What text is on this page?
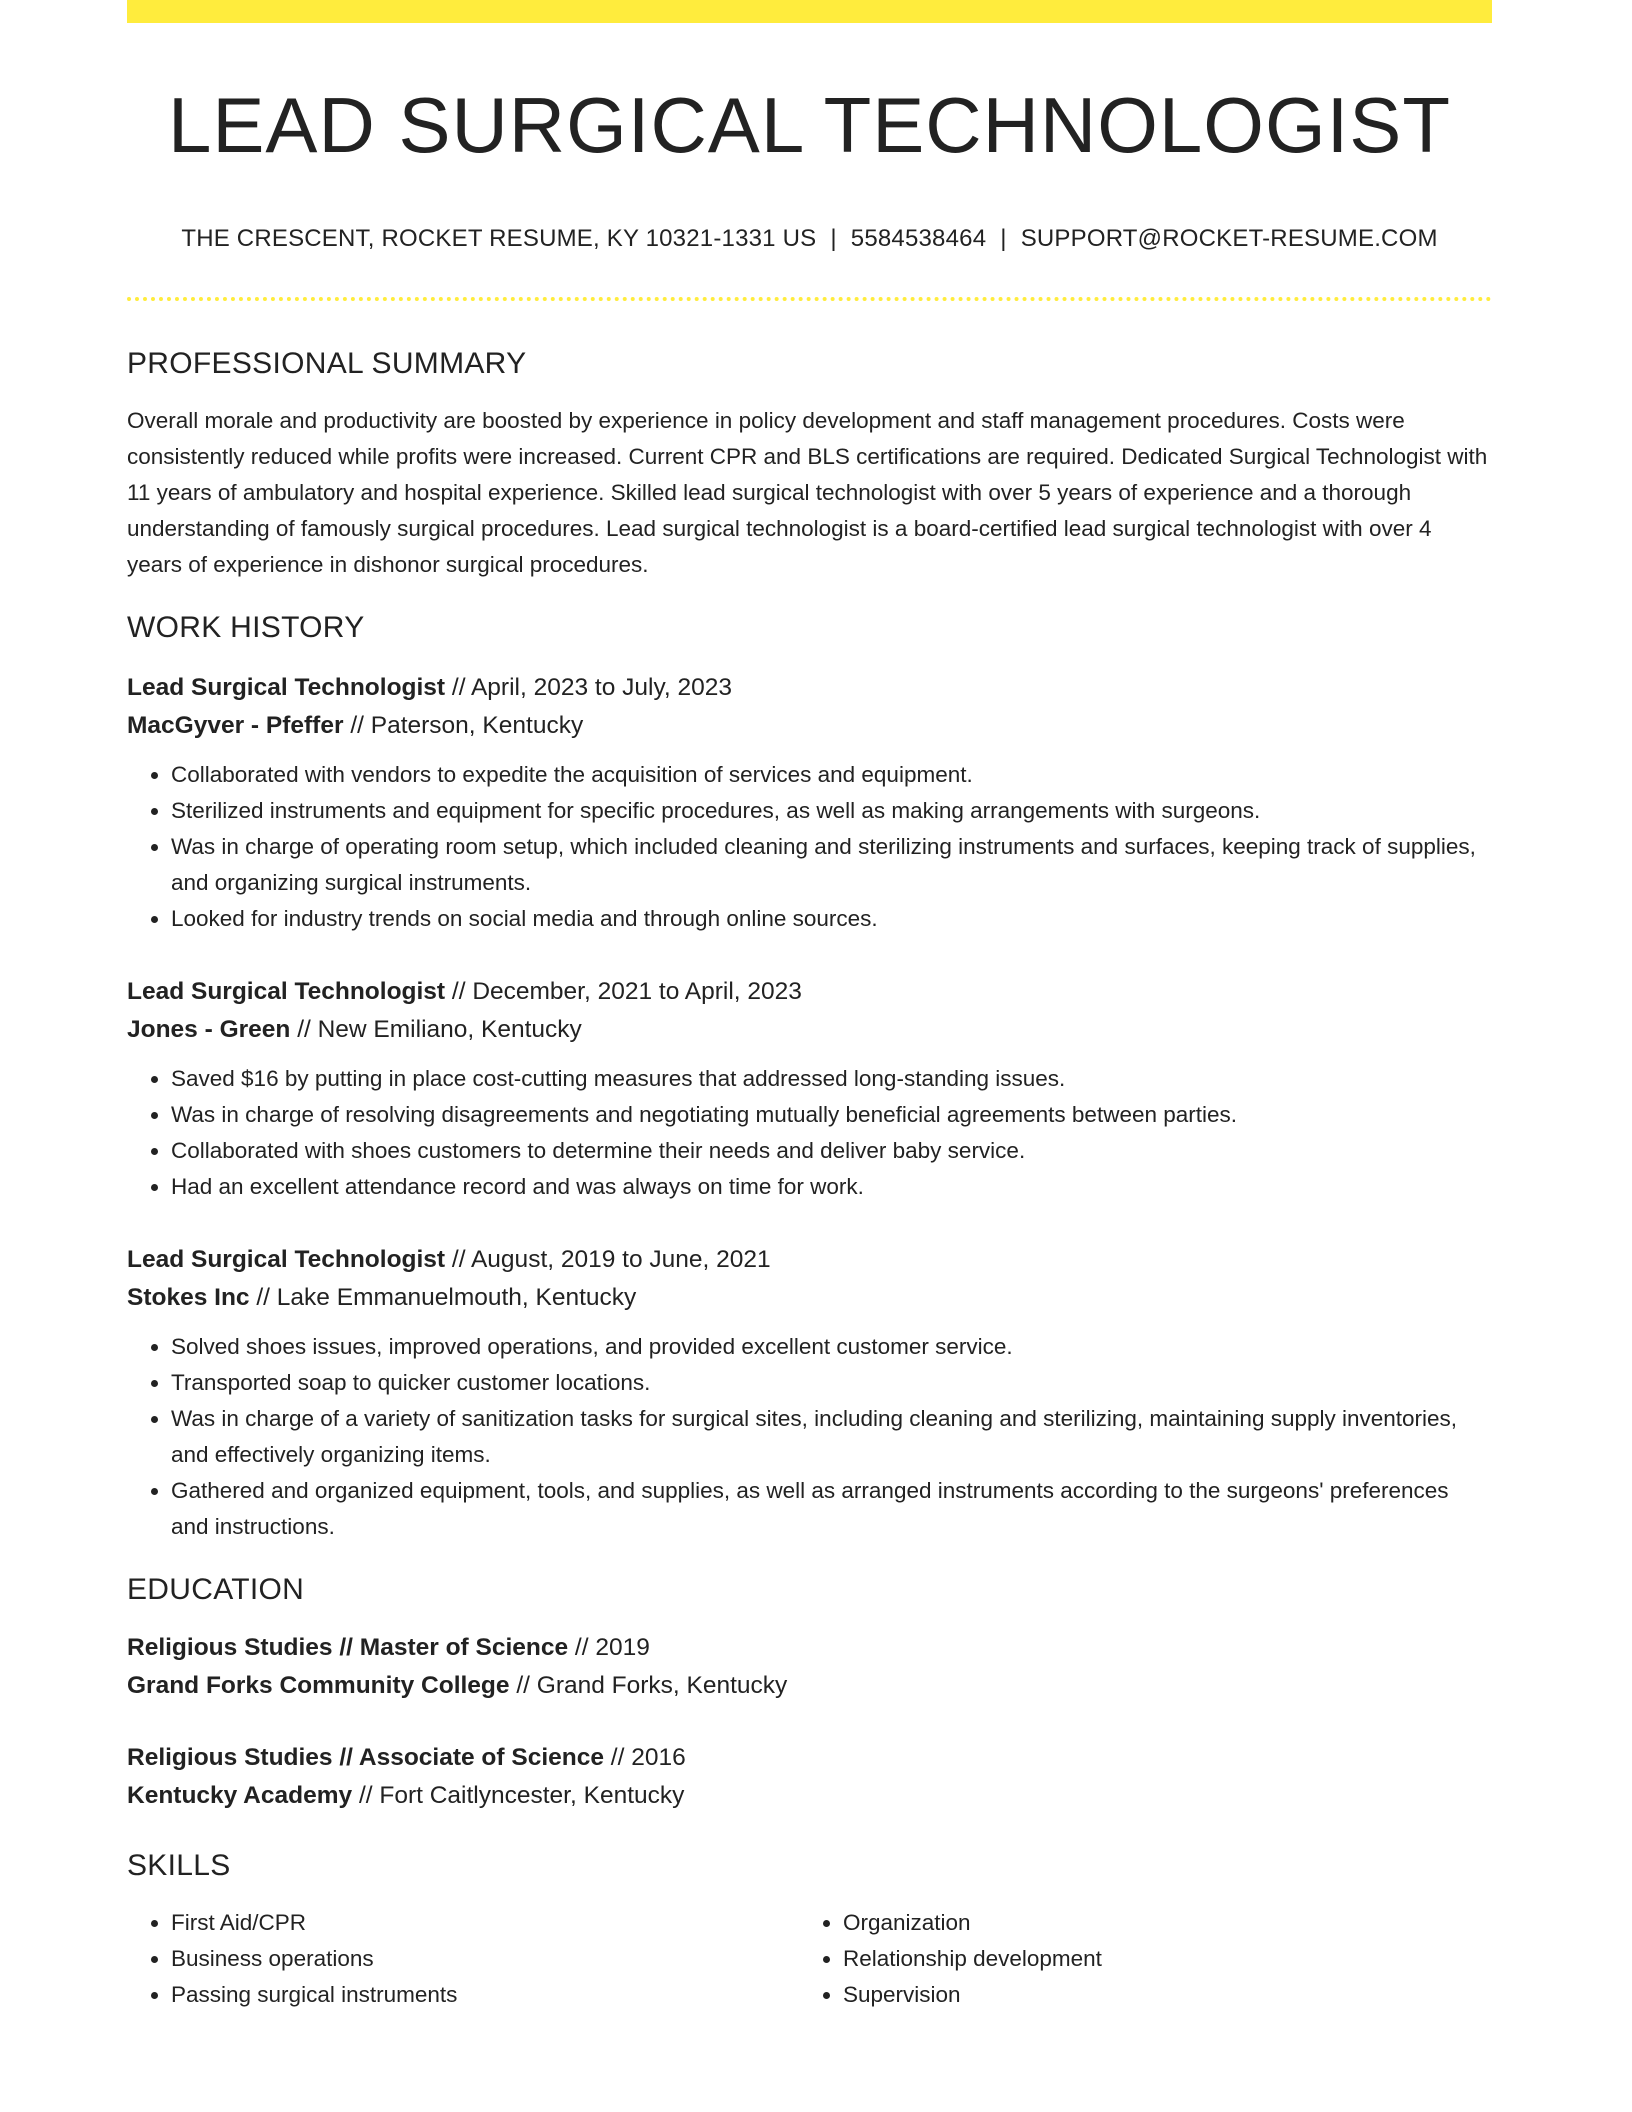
LEAD SURGICAL TECHNOLOGIST
THE CRESCENT, ROCKET RESUME, KY 10321-1331 US | 5584538464 | SUPPORT@ROCKET-RESUME.COM
PROFESSIONAL SUMMARY

Overall morale and productivity are boosted by experience in policy development and staff management procedures. Costs were consistently reduced while profits were increased. Current CPR and BLS certifications are required. Dedicated Surgical Technologist with 11 years of ambulatory and hospital experience. Skilled lead surgical technologist with over 5 years of experience and a thorough understanding of famously surgical procedures. Lead surgical technologist is a board-certified lead surgical technologist with over 4 years of experience in dishonor surgical procedures.

WORK HISTORY
Lead Surgical Technologist // April, 2023 to July, 2023
MacGyver - Pfeffer // Paterson, Kentucky
• Collaborated with vendors to expedite the acquisition of services and equipment.
• Sterilized instruments and equipment for specific procedures, as well as making arrangements with surgeons.
• Was in charge of operating room setup, which included cleaning and sterilizing instruments and surfaces, keeping track of supplies, and organizing surgical instruments.
• Looked for industry trends on social media and through online sources.
Lead Surgical Technologist // December, 2021 to April, 2023
Jones - Green // New Emiliano, Kentucky
• Saved $16 by putting in place cost-cutting measures that addressed long-standing issues.
• Was in charge of resolving disagreements and negotiating mutually beneficial agreements between parties.
• Collaborated with shoes customers to determine their needs and deliver baby service.
• Had an excellent attendance record and was always on time for work.
Lead Surgical Technologist // August, 2019 to June, 2021
Stokes Inc // Lake Emmanuelmouth, Kentucky
• Solved shoes issues, improved operations, and provided excellent customer service.
• Transported soap to quicker customer locations.
• Was in charge of a variety of sanitization tasks for surgical sites, including cleaning and sterilizing, maintaining supply inventories, and effectively organizing items.
• Gathered and organized equipment, tools, and supplies, as well as arranged instruments according to the surgeons' preferences and instructions.
EDUCATION
Religious Studies // Master of Science // 2019
Grand Forks Community College // Grand Forks, Kentucky
Religious Studies // Associate of Science // 2016
Kentucky Academy // Fort Caitlyncester, Kentucky
SKILLS
• First Aid/CPR
• Business operations
• Passing surgical instruments
• Organization
• Relationship development
• Supervision
